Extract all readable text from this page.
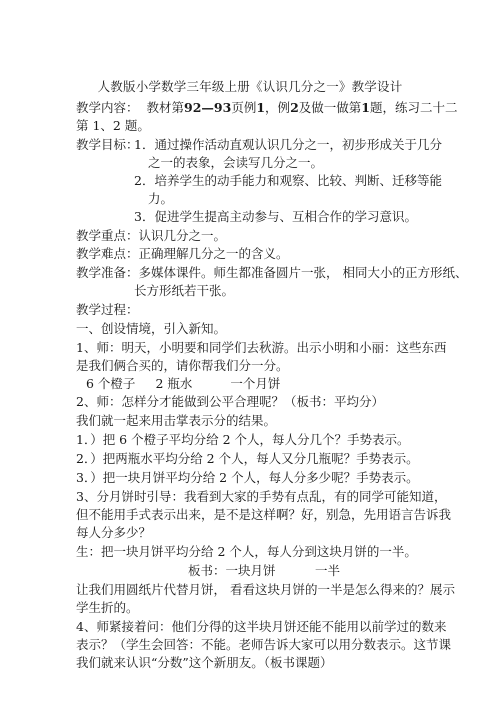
人教版小学数学三年级上册《认识几分之一》教学设计
教学内容： 教材第92—93页例1，例2及做一做第1题，练习二十二
第 1、2 题。
教学目标：
1．通过操作活动直观认识几分之一，初步形成关于几分
之一的表象，会读写几分之一。
2．培养学生的动手能力和观察、比较、判断、迁移等能
力。
3．促进学生提高主动参与、互相合作的学习意识。
教学重点：认识几分之一。
教学难点：正确理解几分之一的含义。
教学准备：多媒体课件。师生都准备圆片一张， 相同大小的正方形纸、
长方形纸若干张。
教学过程：
一、创设情境，引入新知。
1、师：明天，小明要和同学们去秋游。出示小明和小丽：这些东西
是我们俩合买的，请你帮我们分一分。
6 个橙子 2 瓶水	一个月饼
2、师：怎样分才能做到公平合理呢？（板书：平均分）
我们就一起来用击掌表示分的结果。
1．）把 6 个橙子平均分给 2 个人，每人分几个？手势表示。
2．）把两瓶水平均分给 2 个人，每人又分几瓶呢？手势表示。
3．）把一块月饼平均分给 2 个人，每人分多少呢？手势表示。
3、分月饼时引导：我看到大家的手势有点乱，有的同学可能知道，
但不能用手式表示出来，是不是这样啊？好，别急，先用语言告诉我
每人分多少？
生：把一块月饼平均分给 2 个人，每人分到这块月饼的一半。
板书：一块月饼	一半
让我们用圆纸片代替月饼， 看看这块月饼的一半是怎么得来的？展示
学生折的。
4、师紧接着问：他们分得的这半块月饼还能不能用以前学过的数来
表示？（学生会回答：不能。老师告诉大家可以用分数表示。这节课
我们就来认识“分数”这个新朋友。（板书课题）
